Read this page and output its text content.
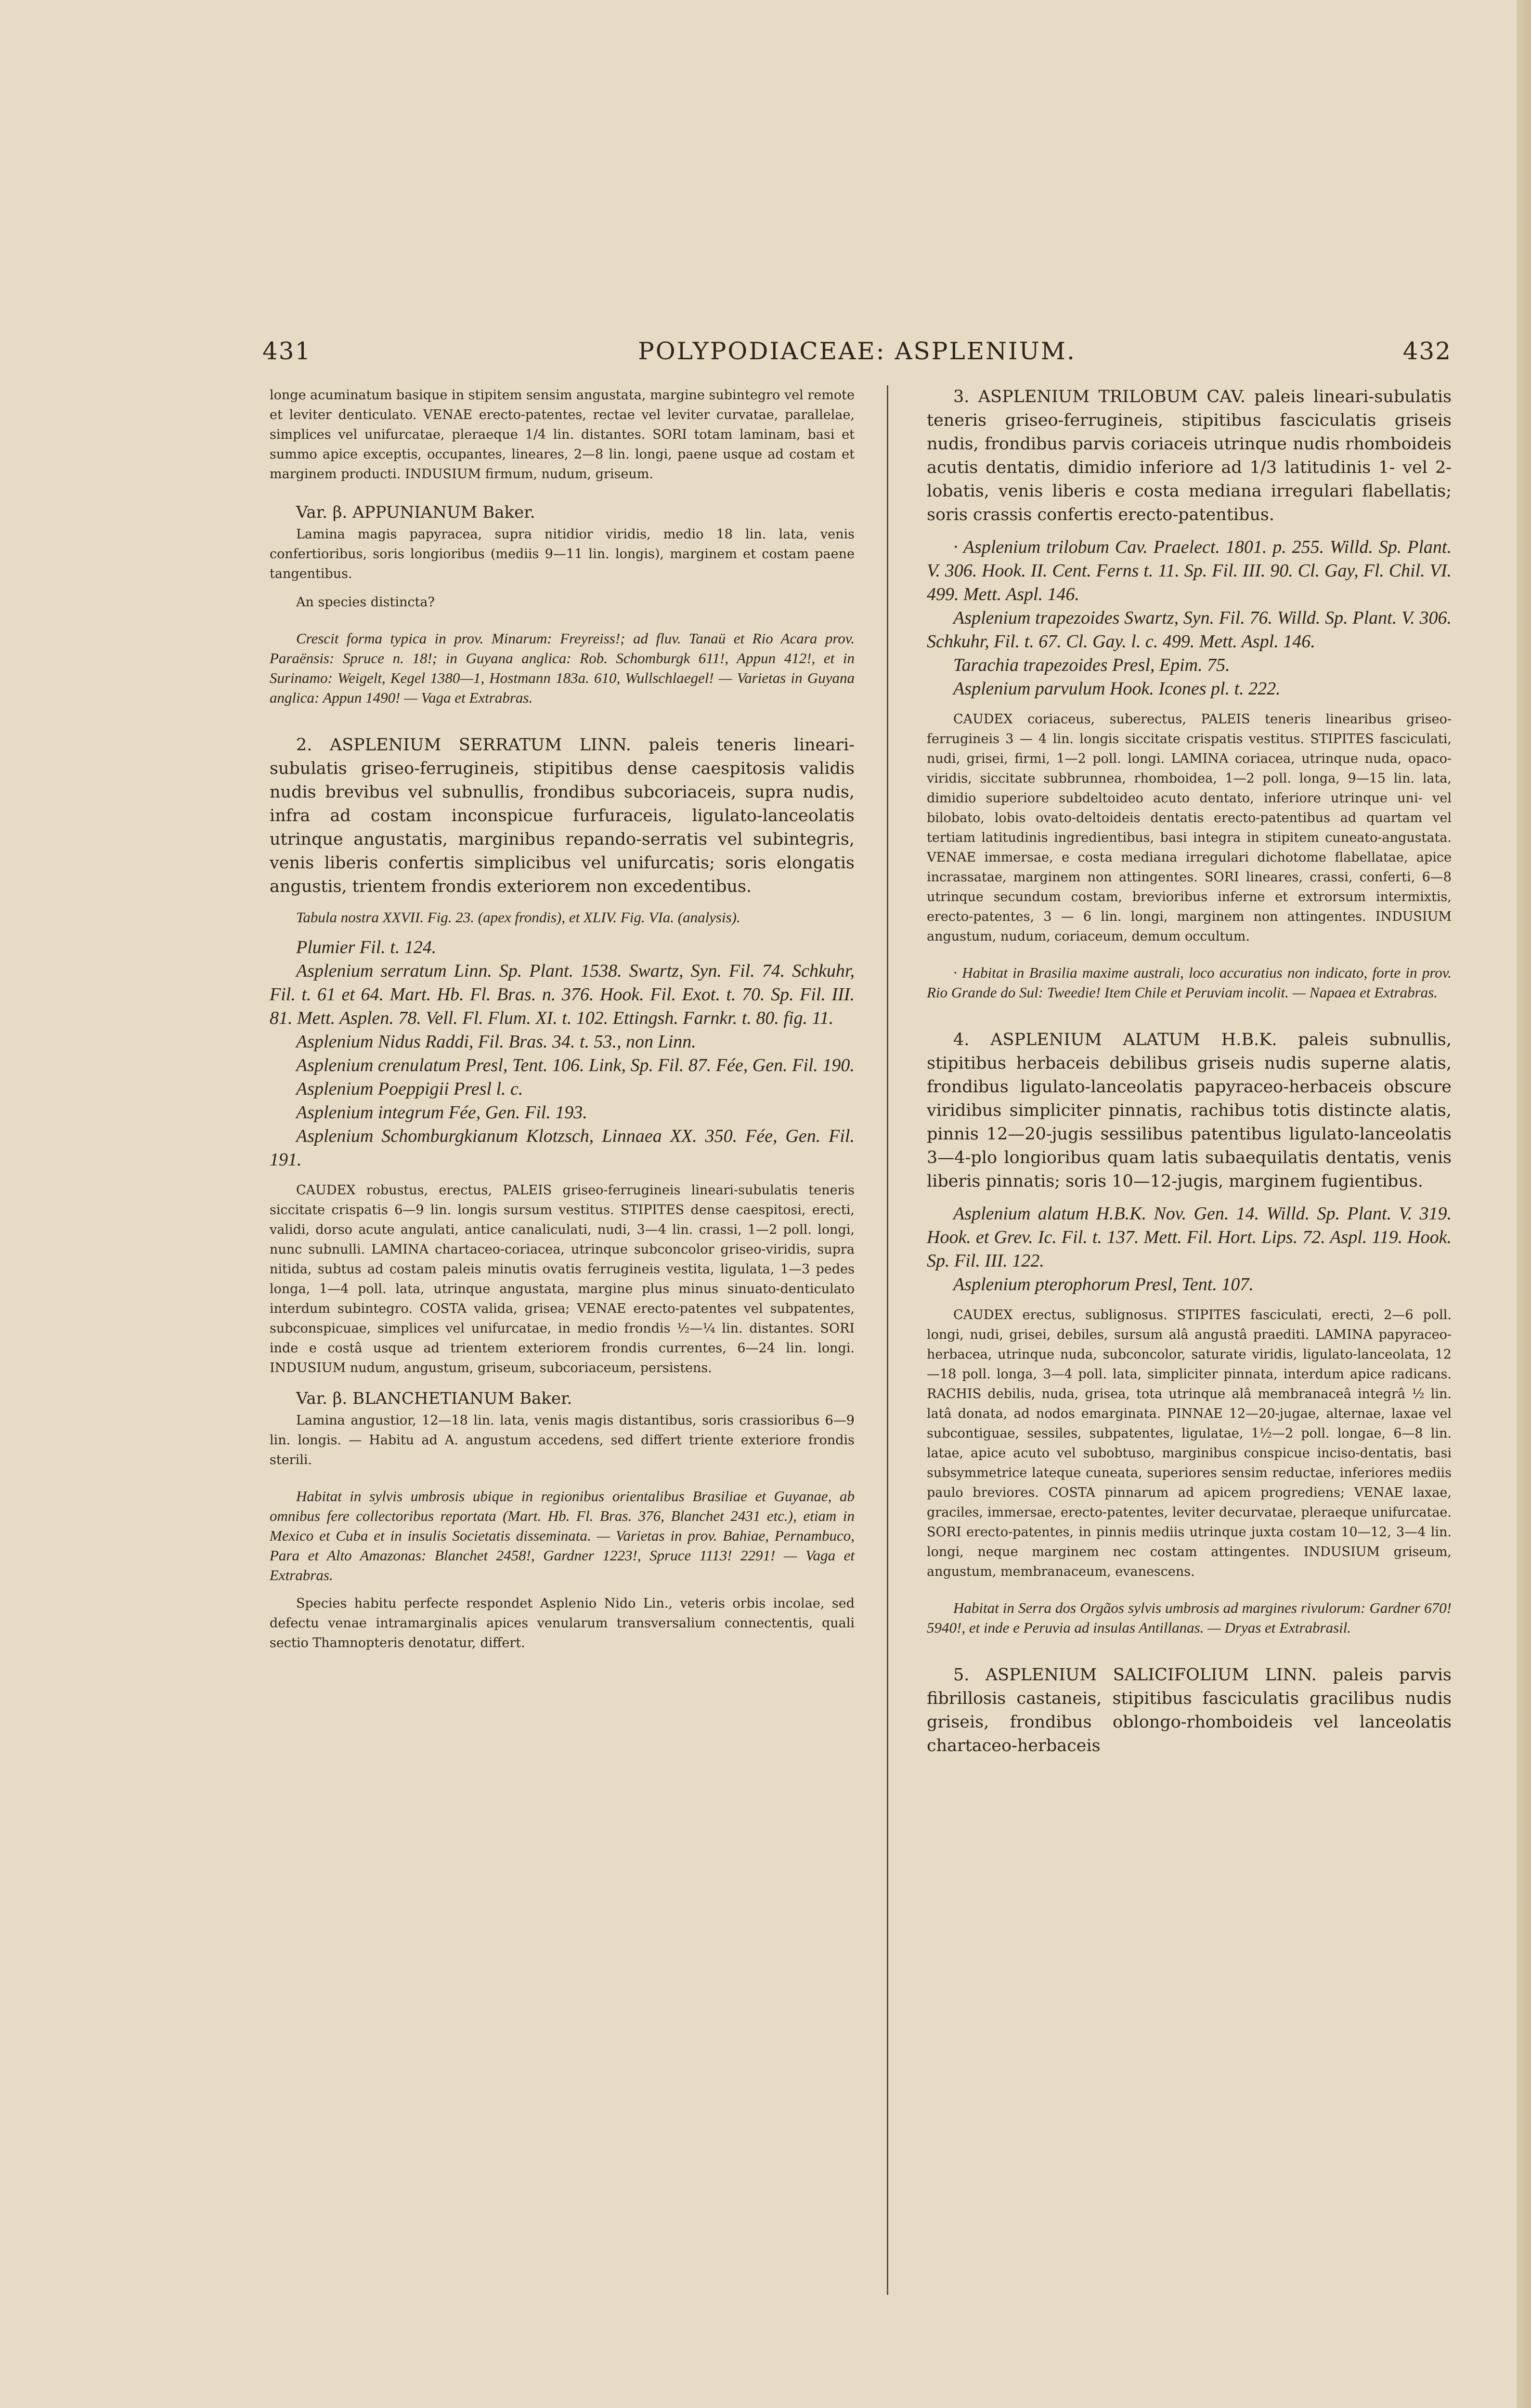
431	POLYPODIACEAE: ASPLENIUM.	432

longe acuminatum basique in stipitem sensim angustata, margine subintegro vel remote et leviter denticulato. VENAE erecto-patentes, rectae vel leviter curvatae, parallelae, simplices vel unifurcatae, pleraeque 1/4 lin. distantes. SORI totam laminam, basi et summo apice exceptis, occupantes, lineares, 2—8 lin. longi, paene usque ad costam et marginem producti. INDUSIUM firmum, nudum, griseum.

Var. β. APPUNIANUM Baker.

Lamina magis papyracea, supra nitidior viridis, medio 18 lin. lata, venis confertioribus, soris longioribus (mediis 9—11 lin. longis), marginem et costam paene tangentibus.

An species distincta?

Crescit forma typica in prov. Minarum: Freyreiss!; ad fluv. Tanaü et Rio Acara prov. Paraënsis: Spruce n. 18!; in Guyana anglica: Rob. Schomburgk 611!, Appun 412!, et in Surinamo: Weigelt, Kegel 1380—1, Hostmann 183a. 610, Wullschlaegel! — Varietas in Guyana anglica: Appun 1490! — Vaga et Extrabras.

2. ASPLENIUM SERRATUM LINN. paleis teneris lineari-subulatis griseo-ferrugineis, stipitibus dense caespitosis validis nudis brevibus vel subnullis, frondibus subcoriaceis, supra nudis, infra ad costam inconspicue furfuraceis, ligulato-lanceolatis utrinque angustatis, marginibus repando-serratis vel subintegris, venis liberis confertis simplicibus vel unifurcatis; soris elongatis angustis, trientem frondis exteriorem non excedentibus.

Tabula nostra XXVII. Fig. 23. (apex frondis), et XLIV. Fig. VIa. (analysis).

Plumier Fil. t. 124.

Asplenium serratum Linn. Sp. Plant. 1538. Swartz, Syn. Fil. 74. Schkuhr, Fil. t. 61 et 64. Mart. Hb. Fl. Bras. n. 376. Hook. Fil. Exot. t. 70. Sp. Fil. III. 81. Mett. Asplen. 78. Vell. Fl. Flum. XI. t. 102. Ettingsh. Farnkr. t. 80. fig. 11.

Asplenium Nidus Raddi, Fil. Bras. 34. t. 53., non Linn.

Asplenium crenulatum Presl, Tent. 106. Link, Sp. Fil. 87. Fée, Gen. Fil. 190.

Asplenium Poeppigii Presl l. c.

Asplenium integrum Fée, Gen. Fil. 193.

Asplenium Schomburgkianum Klotzsch, Linnaea XX. 350. Fée, Gen. Fil. 191.

CAUDEX robustus, erectus, PALEIS griseo-ferrugineis lineari-subulatis teneris siccitate crispatis 6—9 lin. longis sursum vestitus. STIPITES dense caespitosi, erecti, validi, dorso acute angulati, antice canaliculati, nudi, 3—4 lin. crassi, 1—2 poll. longi, nunc subnulli. LAMINA chartaceo-coriacea, utrinque subconcolor griseo-viridis, supra nitida, subtus ad costam paleis minutis ovatis ferrugineis vestita, ligulata, 1—3 pedes longa, 1—4 poll. lata, utrinque angustata, margine plus minus sinuato-denticulato interdum subintegro. COSTA valida, grisea; VENAE erecto-patentes vel subpatentes, subconspicuae, simplices vel unifurcatae, in medio frondis ½—¼ lin. distantes. SORI inde e costâ usque ad trientem exteriorem frondis currentes, 6—24 lin. longi. INDUSIUM nudum, angustum, griseum, subcoriaceum, persistens.

Var. β. BLANCHETIANUM Baker.

Lamina angustior, 12—18 lin. lata, venis magis distantibus, soris crassioribus 6—9 lin. longis. — Habitu ad A. angustum accedens, sed differt triente exteriore frondis sterili.

Habitat in sylvis umbrosis ubique in regionibus orientalibus Brasiliae et Guyanae, ab omnibus fere collectoribus reportata (Mart. Hb. Fl. Bras. 376, Blanchet 2431 etc.), etiam in Mexico et Cuba et in insulis Societatis disseminata. — Varietas in prov. Bahiae, Pernambuco, Para et Alto Amazonas: Blanchet 2458!, Gardner 1223!, Spruce 1113! 2291! — Vaga et Extrabras.

Species habitu perfecte respondet Asplenio Nido Lin., veteris orbis incolae, sed defectu venae intramarginalis apices venularum transversalium connectentis, quali sectio Thamnopteris denotatur, differt.

3. ASPLENIUM TRILOBUM CAV. paleis lineari-subulatis teneris griseo-ferrugineis, stipitibus fasciculatis griseis nudis, frondibus parvis coriaceis utrinque nudis rhomboideis acutis dentatis, dimidio inferiore ad 1/3 latitudinis 1- vel 2-lobatis, venis liberis e costa mediana irregulari flabellatis; soris crassis confertis erecto-patentibus.

· Asplenium trilobum Cav. Praelect. 1801. p. 255. Willd. Sp. Plant. V. 306. Hook. II. Cent. Ferns t. 11. Sp. Fil. III. 90. Cl. Gay, Fl. Chil. VI. 499. Mett. Aspl. 146.

Asplenium trapezoides Swartz, Syn. Fil. 76. Willd. Sp. Plant. V. 306. Schkuhr, Fil. t. 67. Cl. Gay. l. c. 499. Mett. Aspl. 146.

Tarachia trapezoides Presl, Epim. 75.

Asplenium parvulum Hook. Icones pl. t. 222.

CAUDEX coriaceus, suberectus, PALEIS teneris linearibus griseo-ferrugineis 3 — 4 lin. longis siccitate crispatis vestitus. STIPITES fasciculati, nudi, grisei, firmi, 1—2 poll. longi. LAMINA coriacea, utrinque nuda, opaco-viridis, siccitate subbrunnea, rhomboidea, 1—2 poll. longa, 9—15 lin. lata, dimidio superiore subdeltoideo acuto dentato, inferiore utrinque uni- vel bilobato, lobis ovato-deltoideis dentatis erecto-patentibus ad quartam vel tertiam latitudinis ingredientibus, basi integra in stipitem cuneato-angustata. VENAE immersae, e costa mediana irregulari dichotome flabellatae, apice incrassatae, marginem non attingentes. SORI lineares, crassi, conferti, 6—8 utrinque secundum costam, brevioribus inferne et extrorsum intermixtis, erecto-patentes, 3 — 6 lin. longi, marginem non attingentes. INDUSIUM angustum, nudum, coriaceum, demum occultum.

· Habitat in Brasilia maxime australi, loco accuratius non indicato, forte in prov. Rio Grande do Sul: Tweedie! Item Chile et Peruviam incolit. — Napaea et Extrabras.

4. ASPLENIUM ALATUM H.B.K. paleis subnullis, stipitibus herbaceis debilibus griseis nudis superne alatis, frondibus ligulato-lanceolatis papyraceo-herbaceis obscure viridibus simpliciter pinnatis, rachibus totis distincte alatis, pinnis 12—20-jugis sessilibus patentibus ligulato-lanceolatis 3—4-plo longioribus quam latis subaequilatis dentatis, venis liberis pinnatis; soris 10—12-jugis, marginem fugientibus.

Asplenium alatum H.B.K. Nov. Gen. 14. Willd. Sp. Plant. V. 319. Hook. et Grev. Ic. Fil. t. 137. Mett. Fil. Hort. Lips. 72. Aspl. 119. Hook. Sp. Fil. III. 122.

Asplenium pterophorum Presl, Tent. 107.

CAUDEX erectus, sublignosus. STIPITES fasciculati, erecti, 2—6 poll. longi, nudi, grisei, debiles, sursum alâ angustâ praediti. LAMINA papyraceo-herbacea, utrinque nuda, subconcolor, saturate viridis, ligulato-lanceolata, 12—18 poll. longa, 3—4 poll. lata, simpliciter pinnata, interdum apice radicans. RACHIS debilis, nuda, grisea, tota utrinque alâ membranaceâ integrâ ½ lin. latâ donata, ad nodos emarginata. PINNAE 12—20-jugae, alternae, laxae vel subcontiguae, sessiles, subpatentes, ligulatae, 1½—2 poll. longae, 6—8 lin. latae, apice acuto vel subobtuso, marginibus conspicue inciso-dentatis, basi subsymmetrice lateque cuneata, superiores sensim reductae, inferiores mediis paulo breviores. COSTA pinnarum ad apicem progrediens; VENAE laxae, graciles, immersae, erecto-patentes, leviter decurvatae, pleraeque unifurcatae. SORI erecto-patentes, in pinnis mediis utrinque juxta costam 10—12, 3—4 lin. longi, neque marginem nec costam attingentes. INDUSIUM griseum, angustum, membranaceum, evanescens.

Habitat in Serra dos Orgãos sylvis umbrosis ad margines rivulorum: Gardner 670! 5940!, et inde e Peruvia ad insulas Antillanas. — Dryas et Extrabrasil.

5. ASPLENIUM SALICIFOLIUM LINN. paleis parvis fibrillosis castaneis, stipitibus fasciculatis gracilibus nudis griseis, frondibus oblongo-rhomboideis vel lanceolatis chartaceo-herbaceis
